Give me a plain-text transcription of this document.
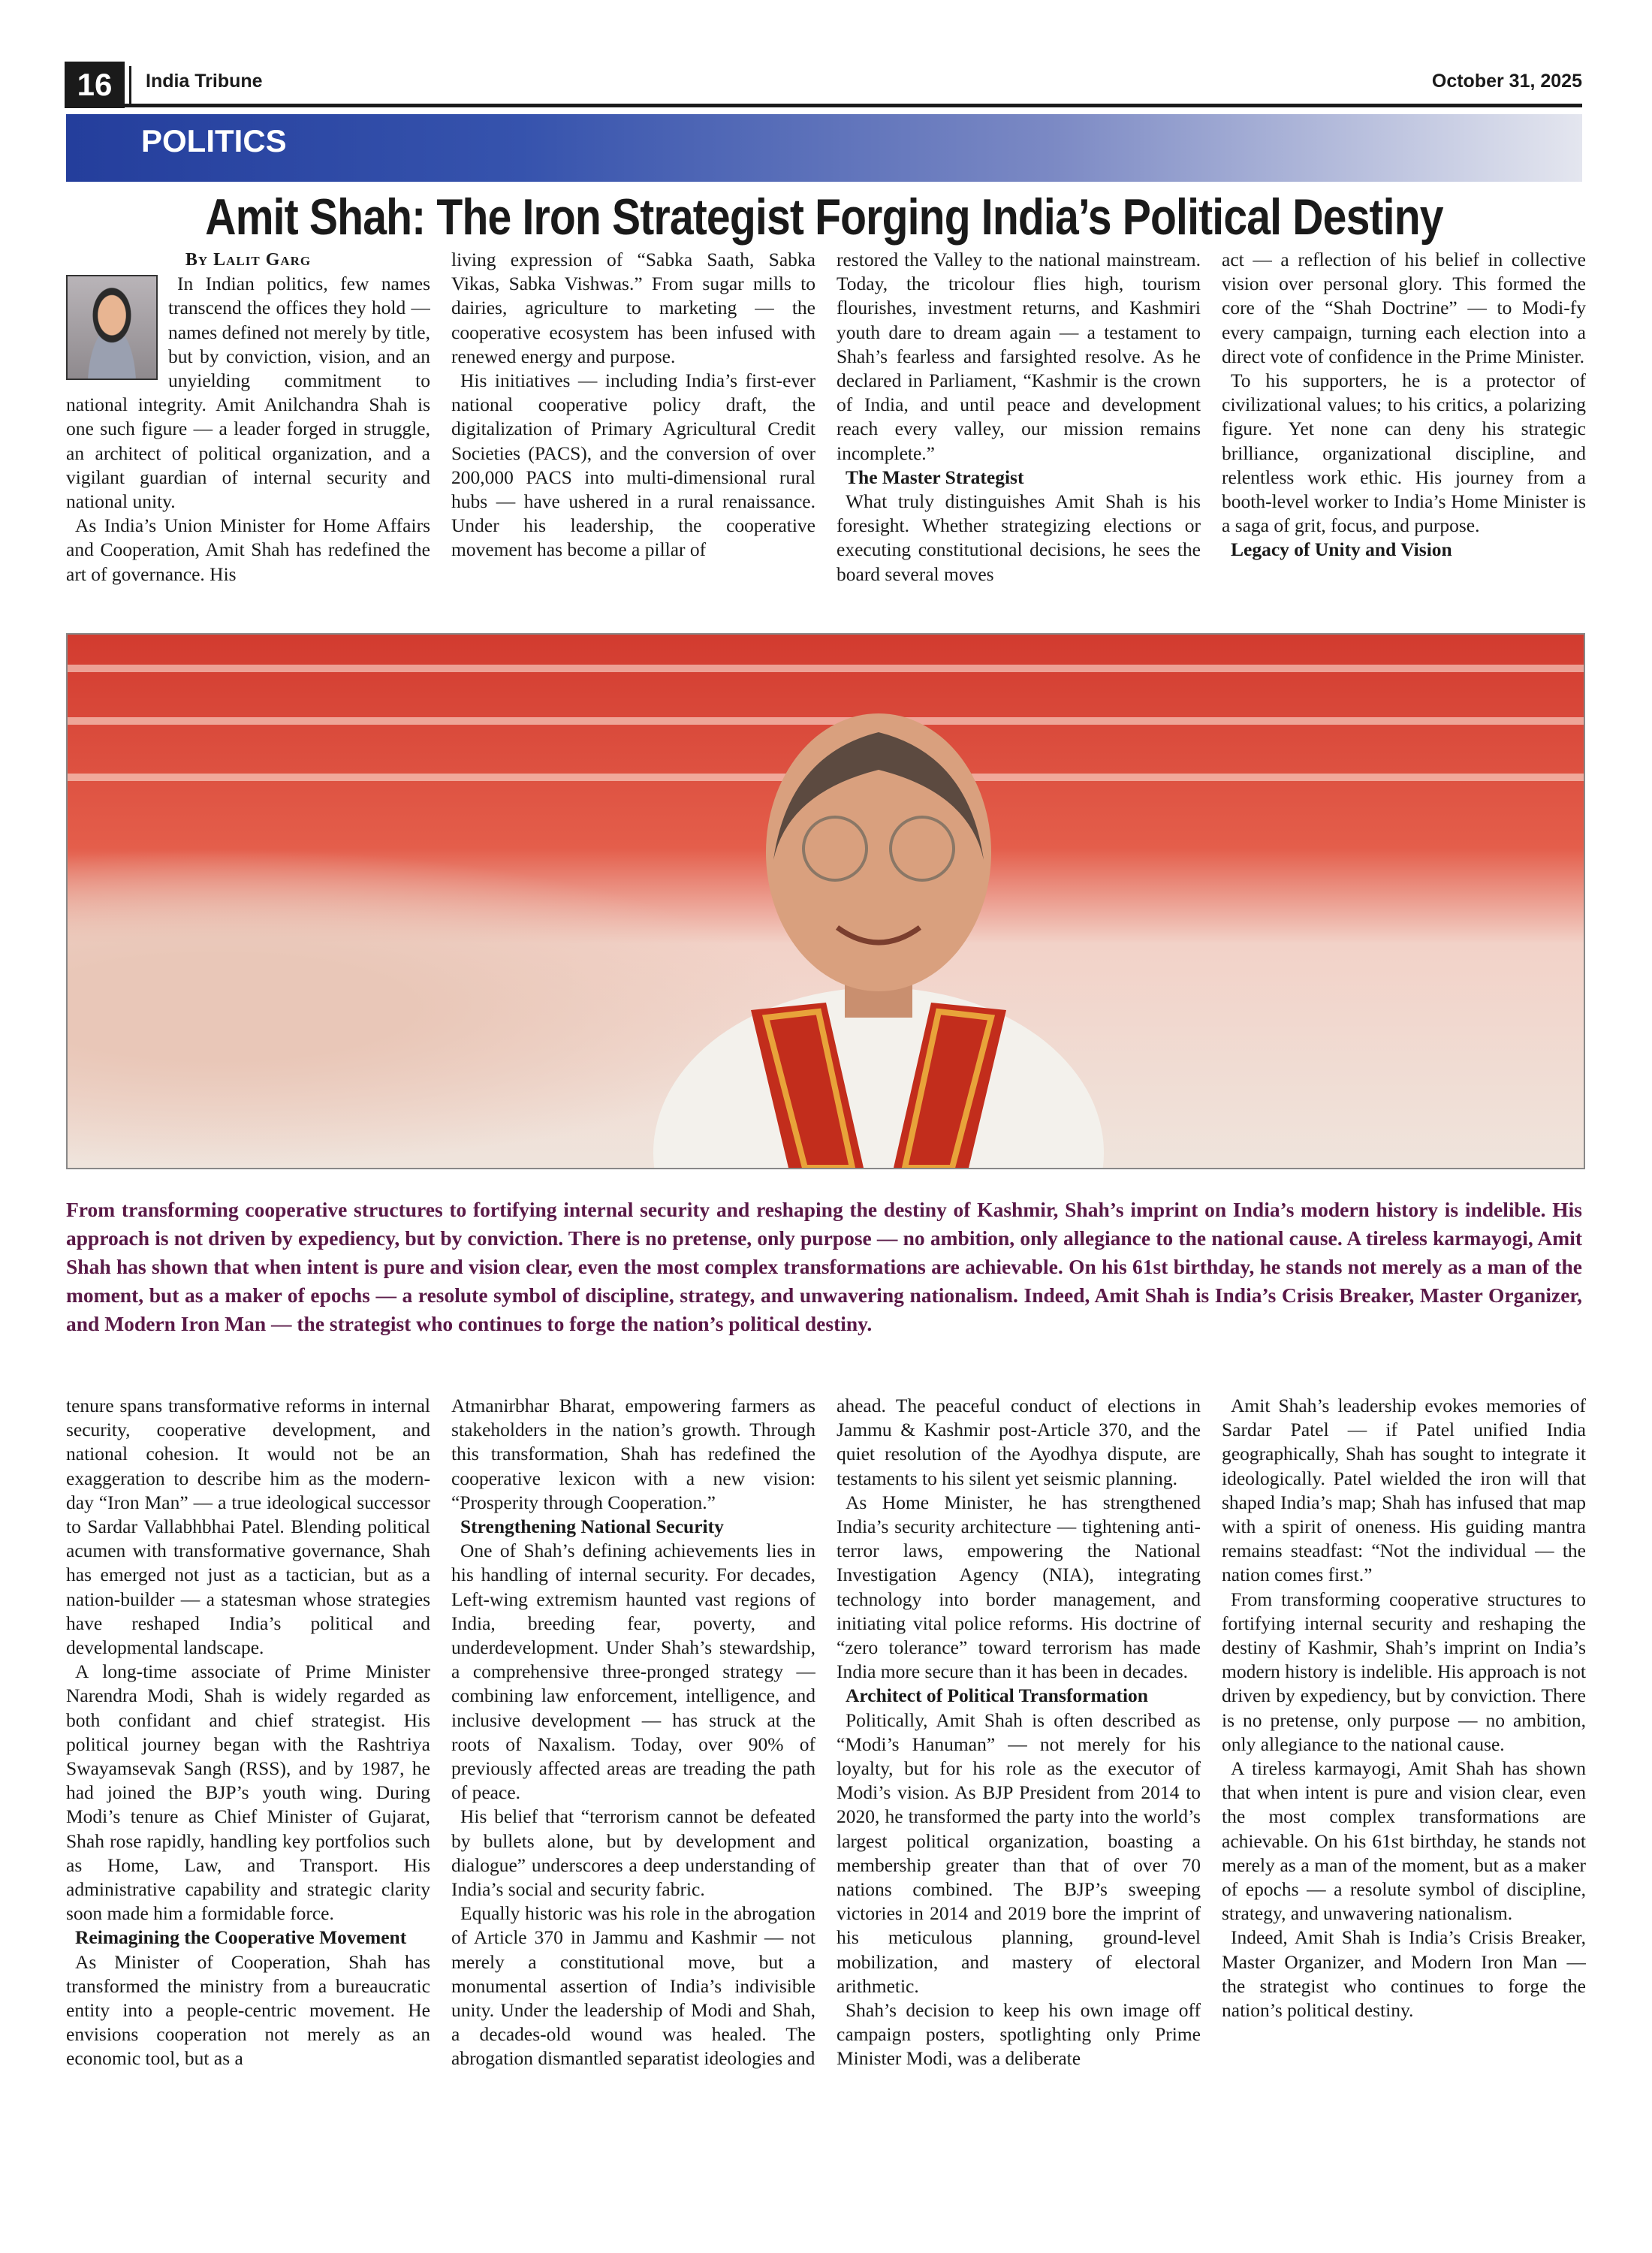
16	India Tribune	October 31, 2025
POLITICS
Amit Shah: The Iron Strategist Forging India’s Political Destiny

By Lalit Garg

In Indian politics, few names transcend the offices they hold — names defined not merely by title, but by conviction, vision, and an unyielding commitment to national integrity. Amit Anilchandra Shah is one such figure — a leader forged in struggle, an architect of political organization, and a vigilant guardian of internal security and national unity.

As India’s Union Minister for Home Affairs and Cooperation, Amit Shah has redefined the art of governance. His

living expression of “Sabka Saath, Sabka Vikas, Sabka Vishwas.” From sugar mills to dairies, agriculture to marketing — the cooperative ecosystem has been infused with renewed energy and purpose.

His initiatives — including India’s first-ever national cooperative policy draft, the digitalization of Primary Agricultural Credit Societies (PACS), and the conversion of over 200,000 PACS into multi-dimensional rural hubs — have ushered in a rural renaissance. Under his leadership, the cooperative movement has become a pillar of

restored the Valley to the national mainstream. Today, the tricolour flies high, tourism flourishes, investment returns, and Kashmiri youth dare to dream again — a testament to Shah’s fearless and farsighted resolve. As he declared in Parliament, “Kashmir is the crown of India, and until peace and development reach every valley, our mission remains incomplete.”

The Master Strategist

What truly distinguishes Amit Shah is his foresight. Whether strategizing elections or executing constitutional decisions, he sees the board several moves

act — a reflection of his belief in collective vision over personal glory. This formed the core of the “Shah Doctrine” — to Modi-fy every campaign, turning each election into a direct vote of confidence in the Prime Minister.

To his supporters, he is a protector of civilizational values; to his critics, a polarizing figure. Yet none can deny his strategic brilliance, organizational discipline, and relentless work ethic. His journey from a booth-level worker to India’s Home Minister is a saga of grit, focus, and purpose.

Legacy of Unity and Vision

From transforming cooperative structures to fortifying internal security and reshaping the destiny of Kashmir, Shah’s imprint on India’s modern history is indelible. His approach is not driven by expediency, but by conviction. There is no pretense, only purpose — no ambition, only allegiance to the national cause. A tireless karmayogi, Amit Shah has shown that when intent is pure and vision clear, even the most complex transformations are achievable. On his 61st birthday, he stands not merely as a man of the moment, but as a maker of epochs — a resolute symbol of discipline, strategy, and unwavering nationalism. Indeed, Amit Shah is India’s Crisis Breaker, Master Organizer, and Modern Iron Man — the strategist who continues to forge the nation’s political destiny.

tenure spans transformative reforms in internal security, cooperative development, and national cohesion. It would not be an exaggeration to describe him as the modern-day “Iron Man” — a true ideological successor to Sardar Vallabhbhai Patel. Blending political acumen with transformative governance, Shah has emerged not just as a tactician, but as a nation-builder — a statesman whose strategies have reshaped India’s political and developmental landscape.

A long-time associate of Prime Minister Narendra Modi, Shah is widely regarded as both confidant and chief strategist. His political journey began with the Rashtriya Swayamsevak Sangh (RSS), and by 1987, he had joined the BJP’s youth wing. During Modi’s tenure as Chief Minister of Gujarat, Shah rose rapidly, handling key portfolios such as Home, Law, and Transport. His administrative capability and strategic clarity soon made him a formidable force.

Reimagining the Cooperative Movement

As Minister of Cooperation, Shah has transformed the ministry from a bureaucratic entity into a people-centric movement. He envisions cooperation not merely as an economic tool, but as a

Atmanirbhar Bharat, empowering farmers as stakeholders in the nation’s growth. Through this transformation, Shah has redefined the cooperative lexicon with a new vision: “Prosperity through Cooperation.”

Strengthening National Security

One of Shah’s defining achievements lies in his handling of internal security. For decades, Left-wing extremism haunted vast regions of India, breeding fear, poverty, and underdevelopment. Under Shah’s stewardship, a comprehensive three-pronged strategy — combining law enforcement, intelligence, and inclusive development — has struck at the roots of Naxalism. Today, over 90% of previously affected areas are treading the path of peace.

His belief that “terrorism cannot be defeated by bullets alone, but by development and dialogue” underscores a deep understanding of India’s social and security fabric.

Equally historic was his role in the abrogation of Article 370 in Jammu and Kashmir — not merely a constitutional move, but a monumental assertion of India’s indivisible unity. Under the leadership of Modi and Shah, a decades-old wound was healed. The abrogation dismantled separatist ideologies and

ahead. The peaceful conduct of elections in Jammu & Kashmir post-Article 370, and the quiet resolution of the Ayodhya dispute, are testaments to his silent yet seismic planning.

As Home Minister, he has strengthened India’s security architecture — tightening anti-terror laws, empowering the National Investigation Agency (NIA), integrating technology into border management, and initiating vital police reforms. His doctrine of “zero tolerance” toward terrorism has made India more secure than it has been in decades.

Architect of Political Transformation

Politically, Amit Shah is often described as “Modi’s Hanuman” — not merely for his loyalty, but for his role as the executor of Modi’s vision. As BJP President from 2014 to 2020, he transformed the party into the world’s largest political organization, boasting a membership greater than that of over 70 nations combined. The BJP’s sweeping victories in 2014 and 2019 bore the imprint of his meticulous planning, ground-level mobilization, and mastery of electoral arithmetic.

Shah’s decision to keep his own image off campaign posters, spotlighting only Prime Minister Modi, was a deliberate

Amit Shah’s leadership evokes memories of Sardar Patel — if Patel unified India geographically, Shah has sought to integrate it ideologically. Patel wielded the iron will that shaped India’s map; Shah has infused that map with a spirit of oneness. His guiding mantra remains steadfast: “Not the individual — the nation comes first.”

From transforming cooperative structures to fortifying internal security and reshaping the destiny of Kashmir, Shah’s imprint on India’s modern history is indelible. His approach is not driven by expediency, but by conviction. There is no pretense, only purpose — no ambition, only allegiance to the national cause.

A tireless karmayogi, Amit Shah has shown that when intent is pure and vision clear, even the most complex transformations are achievable. On his 61st birthday, he stands not merely as a man of the moment, but as a maker of epochs — a resolute symbol of discipline, strategy, and unwavering nationalism.

Indeed, Amit Shah is India’s Crisis Breaker, Master Organizer, and Modern Iron Man — the strategist who continues to forge the nation’s political destiny.
